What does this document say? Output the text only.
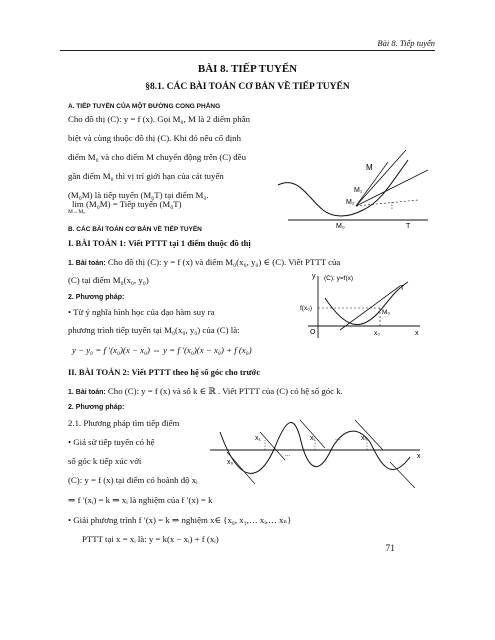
Bài 8. Tiếp tuyến
BÀI 8. TIẾP TUYẾN
§8.1. CÁC BÀI TOÁN CƠ BẢN VỀ TIẾP TUYẾN
A. TIẾP TUYẾN CỦA MỘT ĐƯỜNG CONG PHẲNG
Cho đồ thị (C): y = f (x). Gọi M₀, M là 2 điểm phân
biệt và cùng thuộc đồ thị (C). Khi đó nếu cố định
điểm M₀ và cho điểm M chuyển động trên (C) đều
gần điểm M₀ thì vị trí giới hạn của cát tuyến
(M₀M) là tiếp tuyến (M₀T) tại điểm M₀.
lim (M₀M) = Tiếp tuyến (M₀T)
M→M₀
M
M₁
M₂	⋮
M₀	T
B. CÁC BÀI TOÁN CƠ BẢN VỀ TIẾP TUYẾN
I. BÀI TOÁN 1: Viết PTTT tại 1 điểm thuộc đồ thị
1. Bài toán: Cho đồ thị (C): y = f (x) và điểm M₀(x₀, y₀) ∈ (C). Viết PTTT của
(C) tại điểm M₀(x₀, y₀)
2. Phương pháp:
• Từ ý nghĩa hình học của đạo hàm suy ra
phương trình tiếp tuyến tại M₀(x₀, y₀) của (C) là:
y − y₀ = f ′(x₀)(x − x₀) ⇔ y = f ′(x₀)(x − x₀) + f (x₀)
y (C): y=f(x)
f(x₀)
T
M₀
O	x₀	x
II. BÀI TOÁN 2: Viết PTTT theo hệ số góc cho trước
1. Bài toán: Cho (C): y = f (x) và số k ∈ ℝ . Viết PTTT của (C) có hệ số góc k.
2. Phương pháp:
2.1. Phương pháp tìm tiếp điểm
• Giả sử tiếp tuyến có hệ
số góc k tiếp xúc với
(C): y = f (x) tại điểm có hoành độ xᵢ
⇒ f ′(xᵢ) = k ⇒ xᵢ là nghiệm của f ′(x) = k
• Giải phương trình f ′(x) = k ⇒ nghiệm x∈ {x₀, x₁,… xᵢ,… xₙ}
PTTT tại x = xᵢ là: y = k(x − xᵢ) + f (xᵢ)
x₁	xᵢ	...	xₙ
x₀
...	x
71
